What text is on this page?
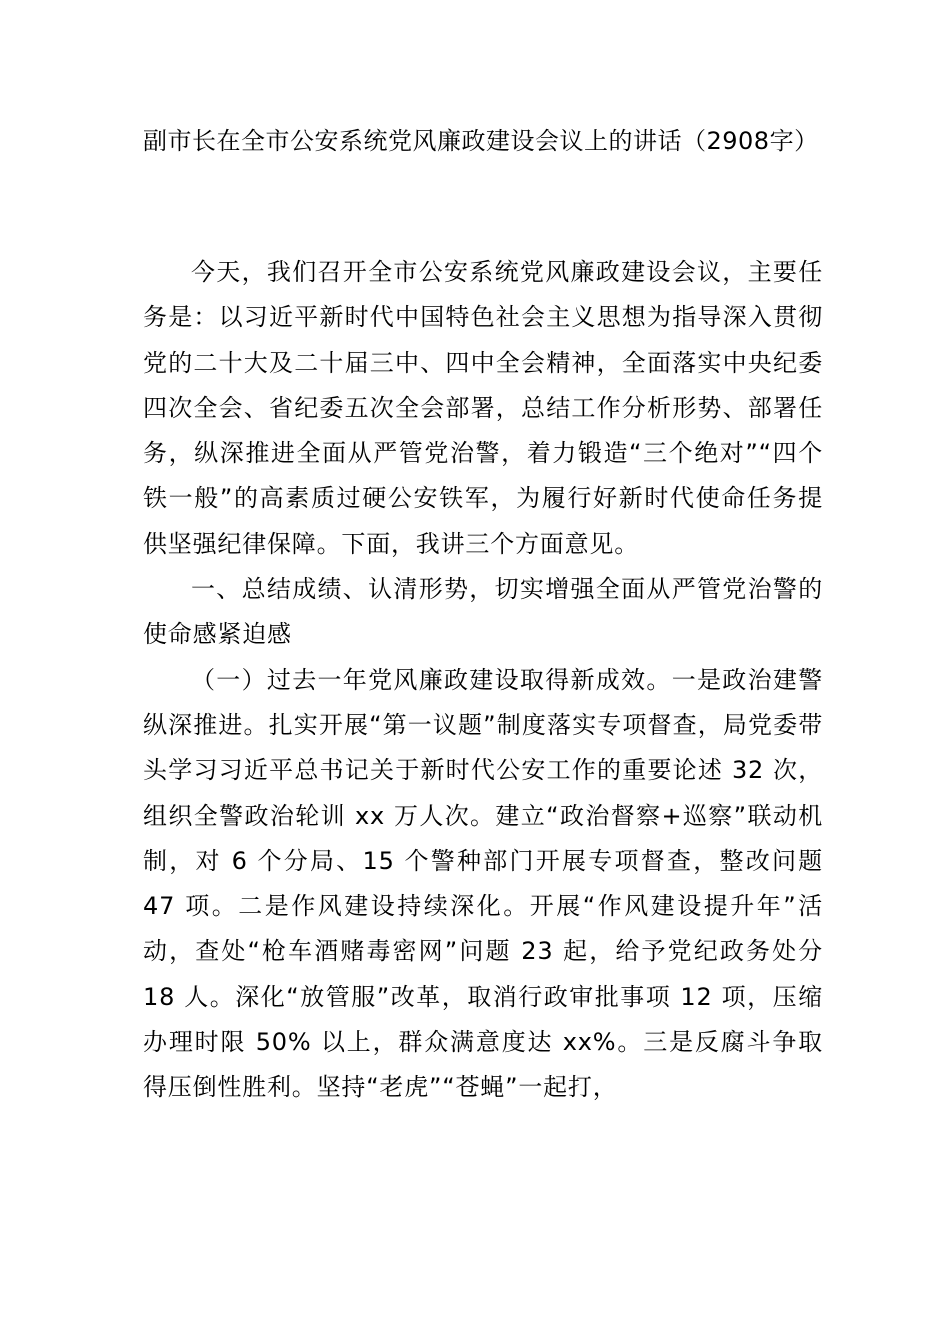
副市长在全市公安系统党风廉政建设会议上的讲话（2908字）

今天，我们召开全市公安系统党风廉政建设会议，主要任务是：以习近平新时代中国特色社会主义思想为指导深入贯彻党的二十大及二十届三中、四中全会精神，全面落实中央纪委四次全会、省纪委五次全会部署，总结工作分析形势、部署任务，纵深推进全面从严管党治警，着力锻造“三个绝对”“四个铁一般”的高素质过硬公安铁军，为履行好新时代使命任务提供坚强纪律保障。下面，我讲三个方面意见。

一、总结成绩、认清形势，切实增强全面从严管党治警的使命感紧迫感

（一）过去一年党风廉政建设取得新成效。一是政治建警纵深推进。扎实开展“第一议题”制度落实专项督查，局党委带头学习习近平总书记关于新时代公安工作的重要论述 32 次，组织全警政治轮训 xx 万人次。建立“政治督察+巡察”联动机制，对 6 个分局、15 个警种部门开展专项督查，整改问题 47 项。二是作风建设持续深化。开展“作风建设提升年”活动，查处“枪车酒赌毒密网”问题 23 起，给予党纪政务处分 18 人。深化“放管服”改革，取消行政审批事项 12 项，压缩办理时限 50% 以上，群众满意度达 xx%。三是反腐斗争取得压倒性胜利。坚持“老虎”“苍蝇”一起打，
